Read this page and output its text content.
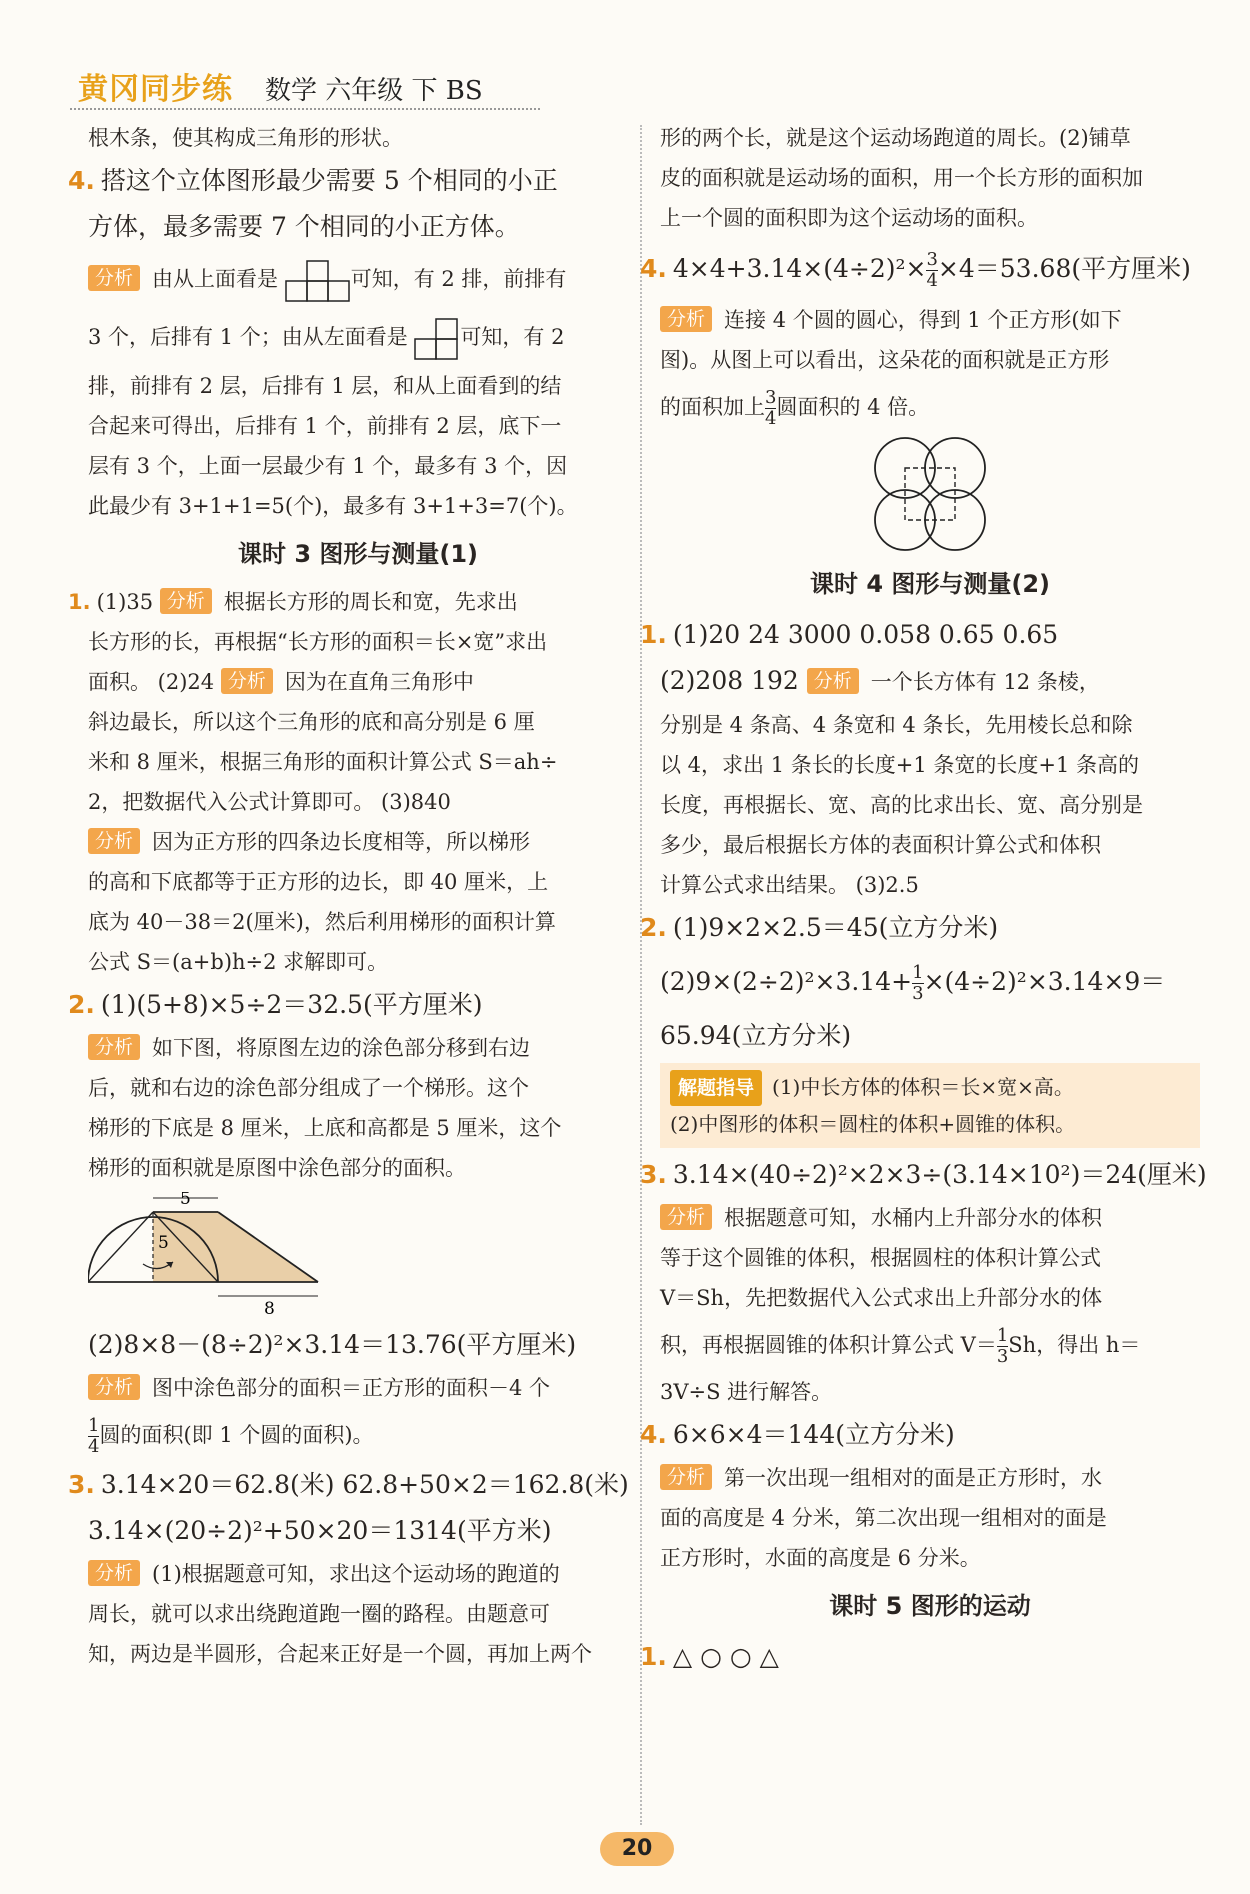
黄冈同步练 数学 六年级 下 BS
根木条，使其构成三角形的形状。
4. 搭这个立体图形最少需要 5 个相同的小正
方体，最多需要 7 个相同的小正方体。
分析 由从上面看是	可知，有 2 排，前排有
3 个，后排有 1 个；由从左面看是	可知，有 2
排，前排有 2 层，后排有 1 层，和从上面看到的结
合起来可得出，后排有 1 个，前排有 2 层，底下一
层有 3 个，上面一层最少有 1 个，最多有 3 个，因
此最少有 3+1+1=5(个)，最多有 3+1+3=7(个)。
课时 3 图形与测量(1)
1. (1)35 分析 根据长方形的周长和宽，先求出
长方形的长，再根据“长方形的面积＝长×宽”求出
面积。 (2)24 分析 因为在直角三角形中
斜边最长，所以这个三角形的底和高分别是 6 厘
米和 8 厘米，根据三角形的面积计算公式 S＝ah÷
2，把数据代入公式计算即可。 (3)840
分析 因为正方形的四条边长度相等，所以梯形
的高和下底都等于正方形的边长，即 40 厘米，上
底为 40－38＝2(厘米)，然后利用梯形的面积计算
公式 S＝(a+b)h÷2 求解即可。
2. (1)(5+8)×5÷2＝32.5(平方厘米)
分析 如下图，将原图左边的涂色部分移到右边
后，就和右边的涂色部分组成了一个梯形。这个
梯形的下底是 8 厘米，上底和高都是 5 厘米，这个
梯形的面积就是原图中涂色部分的面积。
5
5
8
(2)8×8－(8÷2)²×3.14＝13.76(平方厘米)
分析 图中涂色部分的面积＝正方形的面积－4 个
$\frac{1}{4}$ 圆的面积(即 1 个圆的面积)。
3. 3.14×20＝62.8(米) 62.8+50×2＝162.8(米)
3.14×(20÷2)²+50×20＝1314(平方米)
分析 (1)根据题意可知，求出这个运动场的跑道的
周长，就可以求出绕跑道跑一圈的路程。由题意可
知，两边是半圆形，合起来正好是一个圆，再加上两个
形的两个长，就是这个运动场跑道的周长。(2)铺草
皮的面积就是运动场的面积，用一个长方形的面积加
上一个圆的面积即为这个运动场的面积。
4. $4\times 4+3.14\times(4\div 2)^2\times \frac{3}{4} \times 4=53.68$(平方厘米)
分析 连接 4 个圆的圆心，得到 1 个正方形(如下
图)。从图上可以看出，这朵花的面积就是正方形
的面积加上 $\frac{3}{4}$ 圆面积的 4 倍。
课时 4 图形与测量(2)
1. (1)20 24 3000 0.058 0.65 0.65
(2)208 192 分析 一个长方体有 12 条棱，
分别是 4 条高、4 条宽和 4 条长，先用棱长总和除
以 4，求出 1 条长的长度+1 条宽的长度+1 条高的
长度，再根据长、宽、高的比求出长、宽、高分别是
多少，最后根据长方体的表面积计算公式和体积
计算公式求出结果。 (3)2.5
2. (1)9×2×2.5＝45(立方分米)
$(2)9\times(2\div 2)^2\times 3.14+ \frac{1}{3} \times(4\div 2)^2\times 3.14\times 9=$
65.94(立方分米)
解题指导 (1)中长方体的体积＝长×宽×高。
(2)中图形的体积＝圆柱的体积+圆锥的体积。
3. 3.14×(40÷2)²×2×3÷(3.14×10²)＝24(厘米)
分析 根据题意可知，水桶内上升部分水的体积
等于这个圆锥的体积，根据圆柱的体积计算公式
V＝Sh，先把数据代入公式求出上升部分水的体
积，再根据圆锥的体积计算公式 $V= \frac{1}{3}$ Sh，得出 h＝
3V÷S 进行解答。
4. 6×6×4＝144(立方分米)
分析 第一次出现一组相对的面是正方形时，水
面的高度是 4 分米，第二次出现一组相对的面是
正方形时，水面的高度是 6 分米。
课时 5 图形的运动
1. △ ○ ○ △
20
